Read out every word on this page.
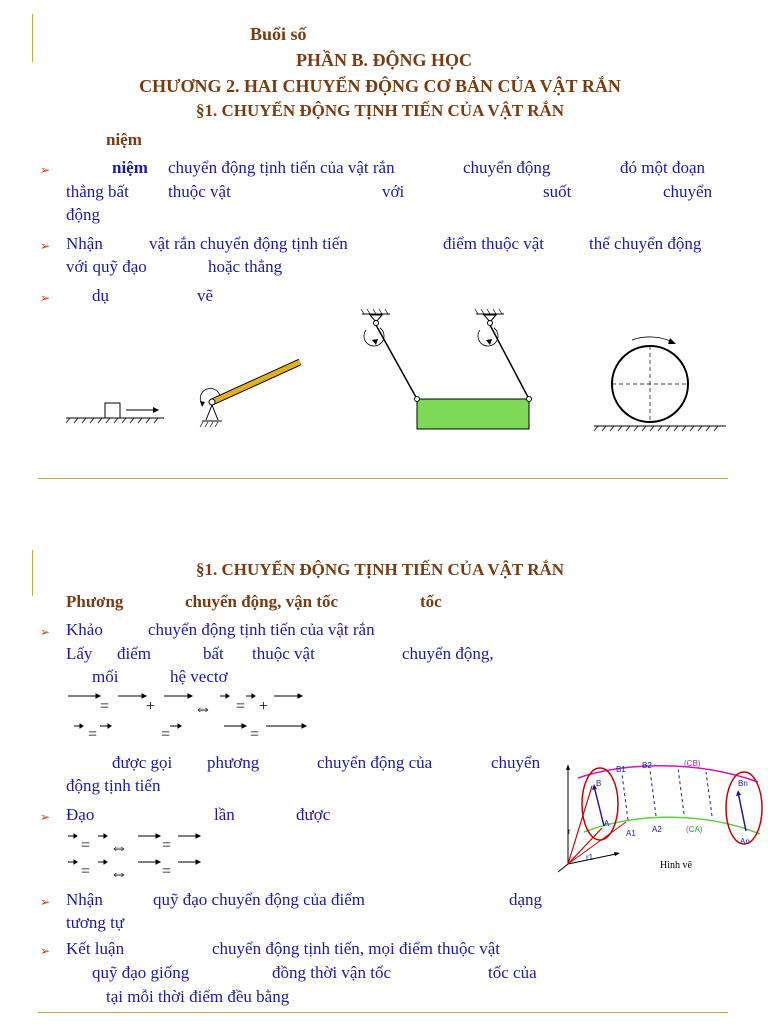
Buổi số
PHẦN B. ĐỘNG HỌC
CHƯƠNG 2. HAI CHUYỂN ĐỘNG CƠ BẢN CỦA VẬT RẮN
§1. CHUYỂN ĐỘNG TỊNH TIẾN CỦA VẬT RẮN
niệm
➢	niệm chuyển động tịnh tiến của vật rắn	chuyển động	đó một đoạn
thẳng bất thuộc vật	với	suốt	chuyển
động
➢ Nhận	vật rắn chuyển động tịnh tiến	điểm thuộc vật	thể chuyển động
với quỹ đạo	hoặc thẳng
➢ dụ	vẽ
§1. CHUYỂN ĐỘNG TỊNH TIẾN CỦA VẬT RẮN
Phương	chuyển động, vận tốc	tốc
➢ Khảo	chuyển động tịnh tiến của vật rắn
Lấy điểm	bất thuộc vật	chuyển động,
mối	hệ vectơ
= + ⇔ = +
=	=	=
được gọi phương	chuyển động của	chuyển
động tịnh tiến
➢ Đạo	lần	được
= ⇔ =
= ⇔ =
➢ Nhận	quỹ đạo chuyển động của điểm	dạng
tương tự
➢ Kết luận	chuyển động tịnh tiến, mọi điểm thuộc vật
quỹ đạo giống	đồng thời vận tốc	tốc của
tại mỗi thời điểm đều bằng
B
B1 B2	(CB)
Bn
A
A1 A2	(CA)
An
r
r1
Hình vẽ
